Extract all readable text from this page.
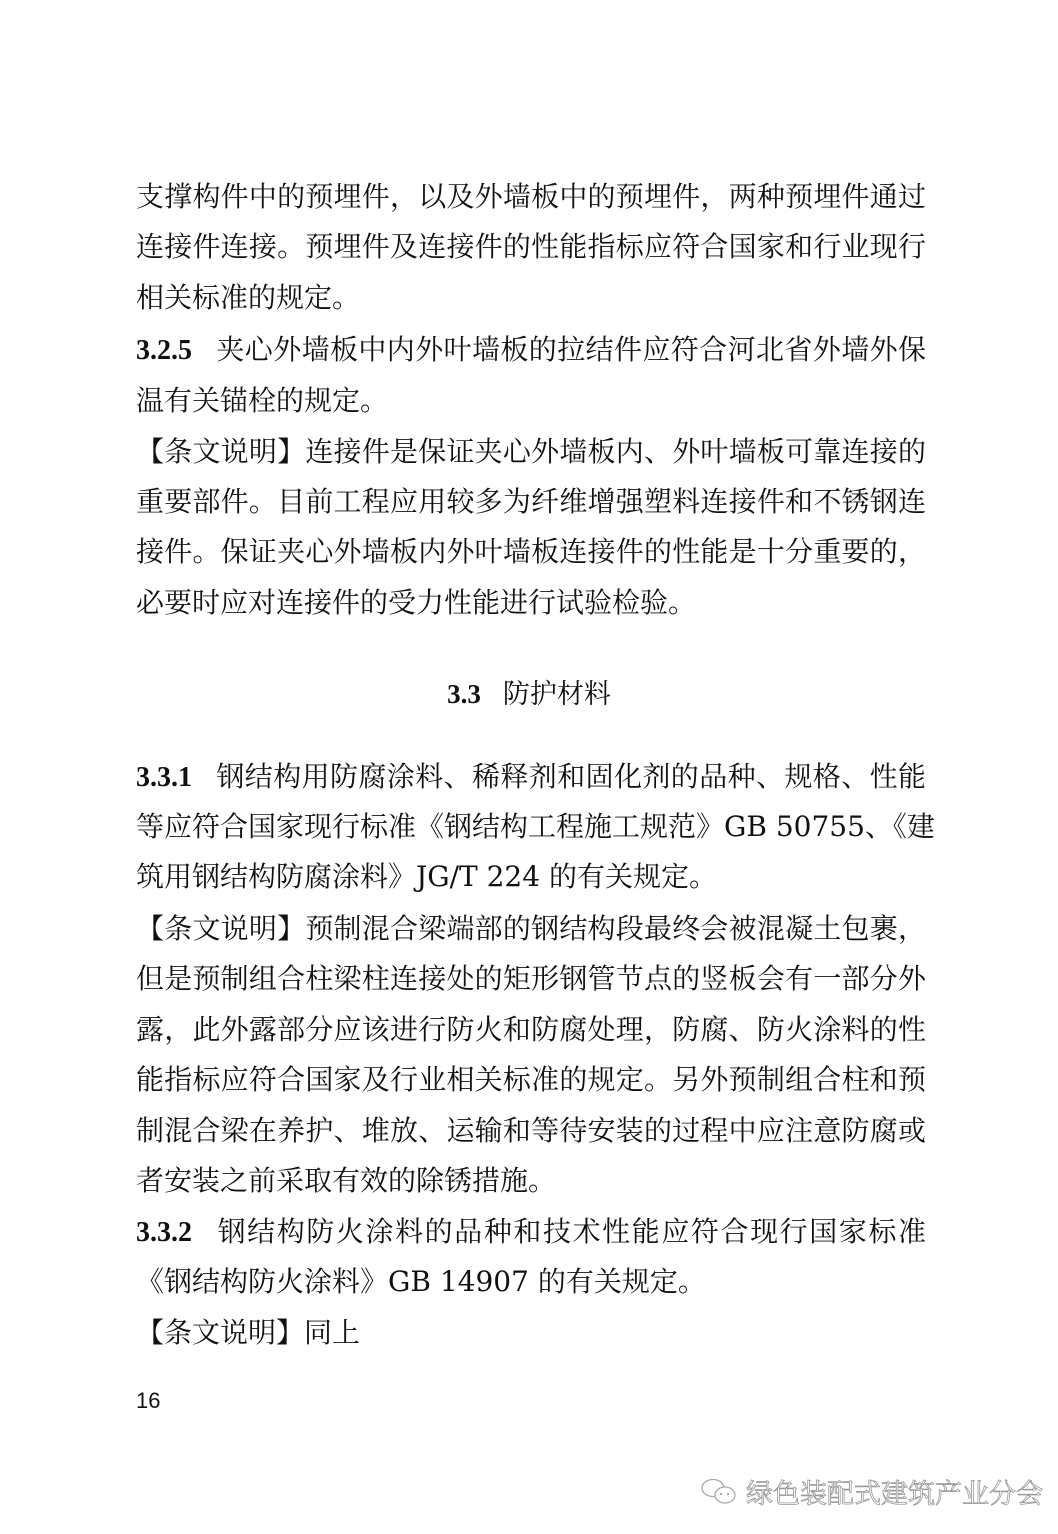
支撑构件中的预埋件，以及外墙板中的预埋件，两种预埋件通过
连接件连接。预埋件及连接件的性能指标应符合国家和行业现行
相关标准的规定。
3.2.5 夹心外墙板中内外叶墙板的拉结件应符合河北省外墙外保
温有关锚栓的规定。
【条文说明】连接件是保证夹心外墙板内、外叶墙板可靠连接的
重要部件。目前工程应用较多为纤维增强塑料连接件和不锈钢连
接件。保证夹心外墙板内外叶墙板连接件的性能是十分重要的，
必要时应对连接件的受力性能进行试验检验。
3.3 防护材料
3.3.1 钢结构用防腐涂料、稀释剂和固化剂的品种、规格、性能
等应符合国家现行标准《钢结构工程施工规范》GB 50755、《建
筑用钢结构防腐涂料》JG/T 224 的有关规定。
【条文说明】预制混合梁端部的钢结构段最终会被混凝土包裹，
但是预制组合柱梁柱连接处的矩形钢管节点的竖板会有一部分外
露，此外露部分应该进行防火和防腐处理，防腐、防火涂料的性
能指标应符合国家及行业相关标准的规定。另外预制组合柱和预
制混合梁在养护、堆放、运输和等待安装的过程中应注意防腐或
者安装之前采取有效的除锈措施。
3.3.2 钢结构防火涂料的品种和技术性能应符合现行国家标准
《钢结构防火涂料》GB 14907 的有关规定。
【条文说明】同上
16
绿色装配式建筑产业分会
